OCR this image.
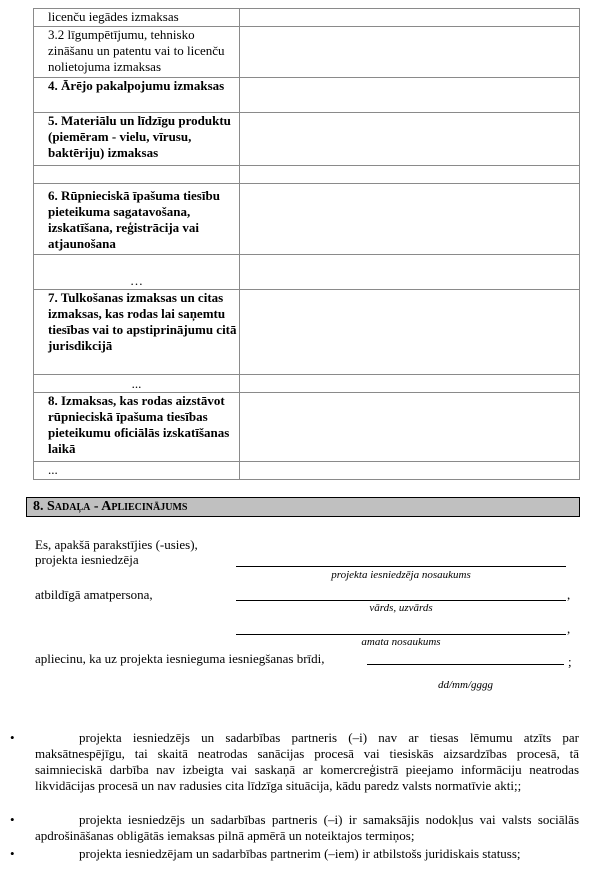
licenču iegādes izmaksas	
3.2 līgumpētījumu, tehnisko zināšanu un patentu vai to licenču nolietojuma izmaksas	
4. Ārējo pakalpojumu izmaksas	
5. Materiālu un līdzīgu produktu (piemēram - vielu, vīrusu, baktēriju) izmaksas	

6. Rūpnieciskā īpašuma tiesību pieteikuma sagatavošana, izskatīšana, reģistrācija vai atjaunošana	
…	
7. Tulkošanas izmaksas un citas izmaksas, kas rodas lai saņemtu tiesības vai to apstiprinājumu citā jurisdikcijā	
...	
8. Izmaksas, kas rodas aizstāvot rūpnieciskā īpašuma tiesības pieteikumu oficiālās izskatīšanas laikā	
...	
8. Sadaļa - Apliecinājums
Es, apakšā parakstījies (-usies),
projekta iesniedzēja
projekta iesniedzēja nosaukums
atbildīgā amatpersona,	,
vārds, uzvārds
,
amata nosaukums
apliecinu, ka uz projekta iesnieguma iesniegšanas brīdi,	;
dd/mm/gggg
•	projekta iesniedzējs un sadarbības partneris (–i) nav ar tiesas lēmumu atzīts par maksātnespējīgu, tai skaitā neatrodas sanācijas procesā vai tiesiskās aizsardzības procesā, tā saimnieciskā darbība nav izbeigta vai saskaņā ar komercreģistrā pieejamo informāciju neatrodas likvidācijas procesā un nav radusies cita līdzīga situācija, kādu paredz valsts normatīvie akti;;
•	projekta iesniedzējs un sadarbības partneris (–i) ir samaksājis nodokļus vai valsts sociālās apdrošināšanas obligātās iemaksas pilnā apmērā un noteiktajos termiņos;
•	projekta iesniedzējam un sadarbības partnerim (–iem) ir atbilstošs juridiskais statuss;
